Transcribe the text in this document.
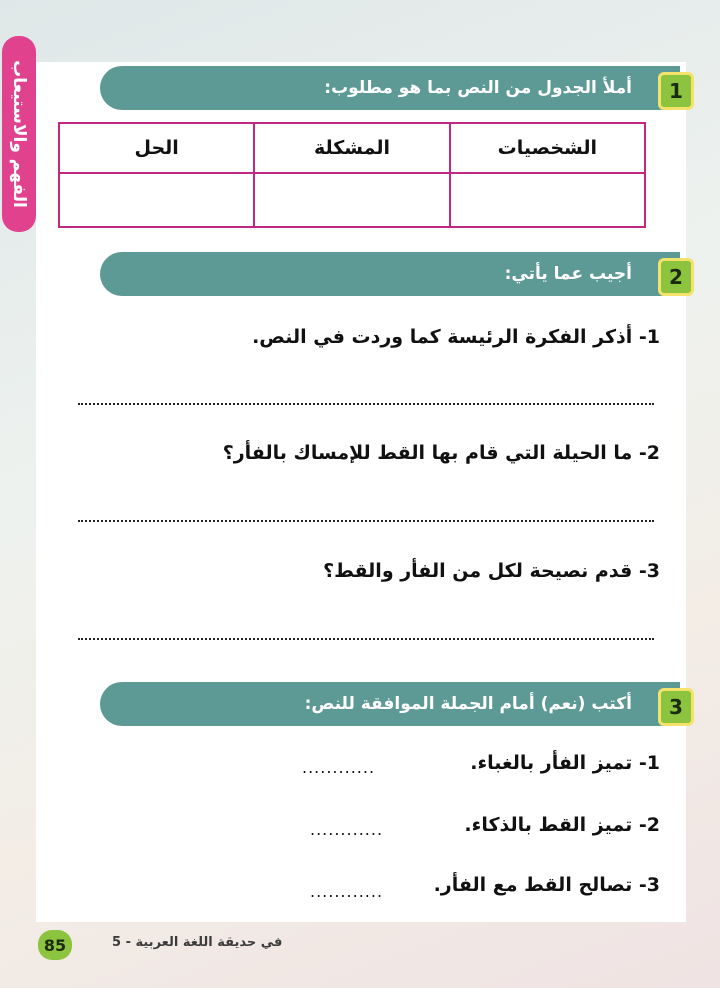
الفهم والاستيعاب	1
أملأ الجدول من النص بما هو مطلوب:
الشخصيات	المشكلة	الحل

2
أجيب عما يأتي:
1- أذكر الفكرة الرئيسة كما وردت في النص.
2- ما الحيلة التي قام بها القط للإمساك بالفأر؟
3- قدم نصيحة لكل من الفأر والقط؟
3
أكتب (نعم) أمام الجملة الموافقة للنص:
1- تميز الفأر بالغباء.
............
2- تميز القط بالذكاء.
............
3- تصالح القط مع الفأر.
............
85	في حديقة اللغة العربية - 5
